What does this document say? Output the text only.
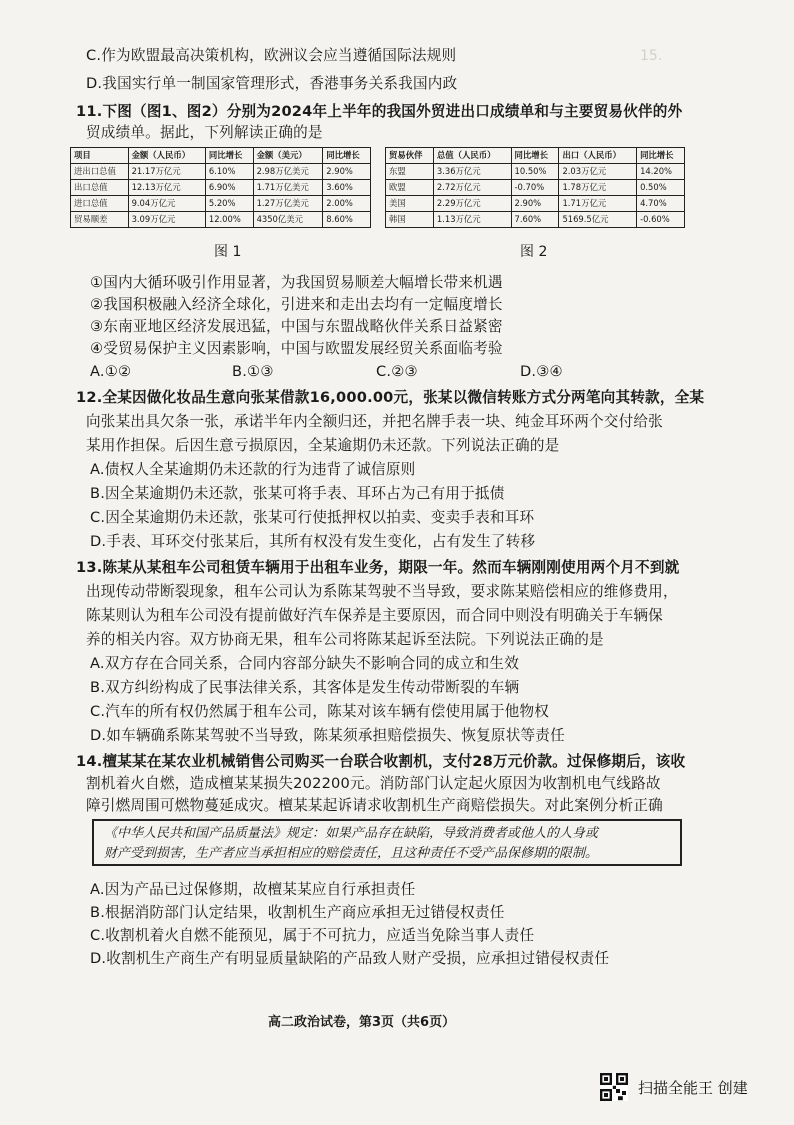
15.
C.作为欧盟最高决策机构，欧洲议会应当遵循国际法规则
D.我国实行单一制国家管理形式，香港事务关系我国内政
11.下图（图1、图2）分别为2024年上半年的我国外贸进出口成绩单和与主要贸易伙伴的外
贸成绩单。据此，下列解读正确的是
项目	金额（人民币）	同比增长	金额（美元）	同比增长
进出口总值	21.17万亿元	6.10%	2.98万亿美元	2.90%
出口总值	12.13万亿元	6.90%	1.71万亿美元	3.60%
进口总值	9.04万亿元	5.20%	1.27万亿美元	2.00%
贸易顺差	3.09万亿元	12.00%	4350亿美元	8.60%
贸易伙伴	总值（人民币）	同比增长	出口（人民币）	同比增长
东盟	3.36万亿元	10.50%	2.03万亿元	14.20%
欧盟	2.72万亿元	-0.70%	1.78万亿元	0.50%
美国	2.29万亿元	2.90%	1.71万亿元	4.70%
韩国	1.13万亿元	7.60%	5169.5亿元	-0.60%
图 1	图 2
①国内大循环吸引作用显著，为我国贸易顺差大幅增长带来机遇
②我国积极融入经济全球化，引进来和走出去均有一定幅度增长
③东南亚地区经济发展迅猛，中国与东盟战略伙伴关系日益紧密
④受贸易保护主义因素影响，中国与欧盟发展经贸关系面临考验
A.①②	B.①③	C.②③	D.③④
12.全某因做化妆品生意向张某借款16,000.00元，张某以微信转账方式分两笔向其转款，全某
向张某出具欠条一张，承诺半年内全额归还，并把名牌手表一块、纯金耳环两个交付给张
某用作担保。后因生意亏损原因，全某逾期仍未还款。下列说法正确的是
A.债权人全某逾期仍未还款的行为违背了诚信原则
B.因全某逾期仍未还款，张某可将手表、耳环占为己有用于抵债
C.因全某逾期仍未还款，张某可行使抵押权以拍卖、变卖手表和耳环
D.手表、耳环交付张某后，其所有权没有发生变化，占有发生了转移
13.陈某从某租车公司租赁车辆用于出租车业务，期限一年。然而车辆刚刚使用两个月不到就
出现传动带断裂现象，租车公司认为系陈某驾驶不当导致，要求陈某赔偿相应的维修费用，
陈某则认为租车公司没有提前做好汽车保养是主要原因，而合同中则没有明确关于车辆保
养的相关内容。双方协商无果，租车公司将陈某起诉至法院。下列说法正确的是
A.双方存在合同关系，合同内容部分缺失不影响合同的成立和生效
B.双方纠纷构成了民事法律关系，其客体是发生传动带断裂的车辆
C.汽车的所有权仍然属于租车公司，陈某对该车辆有偿使用属于他物权
D.如车辆确系陈某驾驶不当导致，陈某须承担赔偿损失、恢复原状等责任
14.檀某某在某农业机械销售公司购买一台联合收割机，支付28万元价款。过保修期后，该收
割机着火自燃，造成檀某某损失202200元。消防部门认定起火原因为收割机电气线路故
障引燃周围可燃物蔓延成灾。檀某某起诉请求收割机生产商赔偿损失。对此案例分析正确
《中华人民共和国产品质量法》规定：如果产品存在缺陷，导致消费者或他人的人身或
财产受到损害，生产者应当承担相应的赔偿责任，且这种责任不受产品保修期的限制。
A.因为产品已过保修期，故檀某某应自行承担责任
B.根据消防部门认定结果，收割机生产商应承担无过错侵权责任
C.收割机着火自燃不能预见，属于不可抗力，应适当免除当事人责任
D.收割机生产商生产有明显质量缺陷的产品致人财产受损，应承担过错侵权责任
高二政治试卷，第3页（共6页）
扫描全能王 创建
